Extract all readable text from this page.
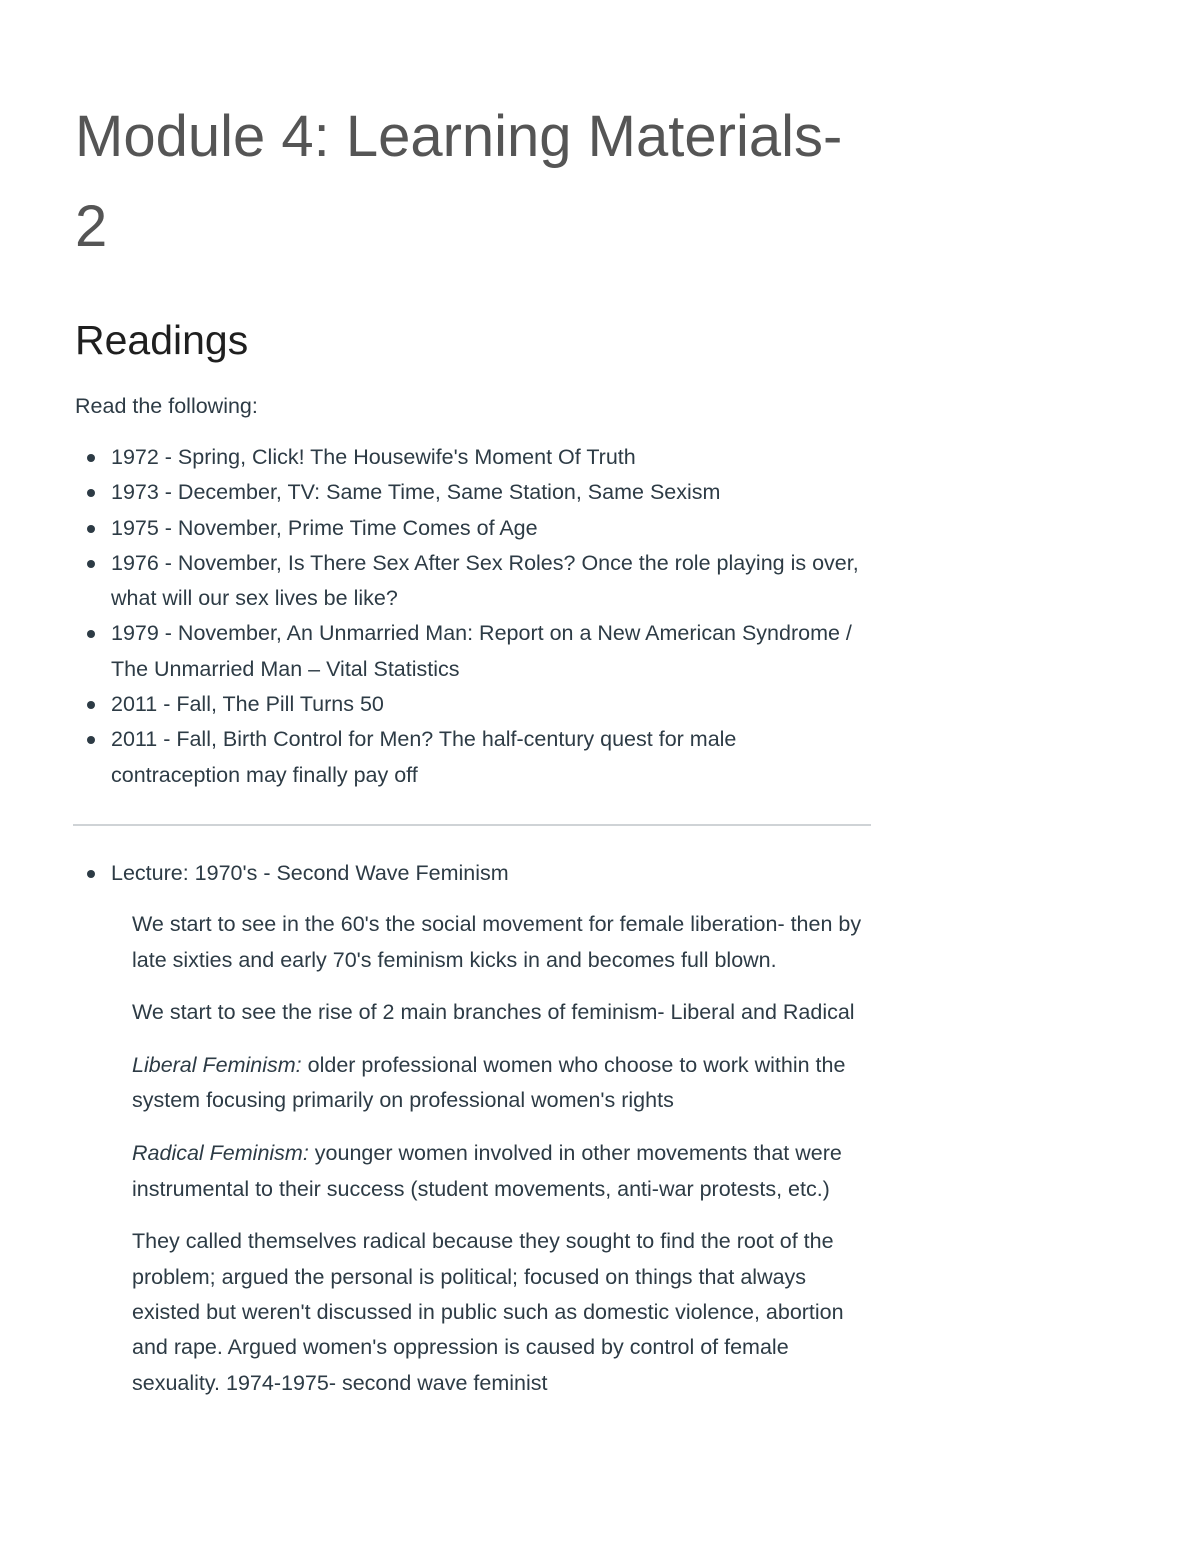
Module 4: Learning Materials-
2
Readings

Read the following:

1972 - Spring, Click! The Housewife's Moment Of Truth
1973 - December, TV: Same Time, Same Station, Same Sexism
1975 - November, Prime Time Comes of Age
1976 - November, Is There Sex After Sex Roles? Once the role playing is over, what will our sex lives be like?
1979 - November, An Unmarried Man: Report on a New American Syndrome / The Unmarried Man – Vital Statistics
2011 - Fall, The Pill Turns 50
2011 - Fall, Birth Control for Men? The half-century quest for male contraception may finally pay off
Lecture: 1970's - Second Wave Feminism

We start to see in the 60's the social movement for female liberation- then by late sixties and early 70's feminism kicks in and becomes full blown.

We start to see the rise of 2 main branches of feminism- Liberal and Radical

Liberal Feminism: older professional women who choose to work within the system focusing primarily on professional women's rights

Radical Feminism: younger women involved in other movements that were instrumental to their success (student movements, anti-war protests, etc.)

They called themselves radical because they sought to find the root of the problem; argued the personal is political; focused on things that always existed but weren't discussed in public such as domestic violence, abortion and rape. Argued women's oppression is caused by control of female sexuality. 1974-1975- second wave feminist
